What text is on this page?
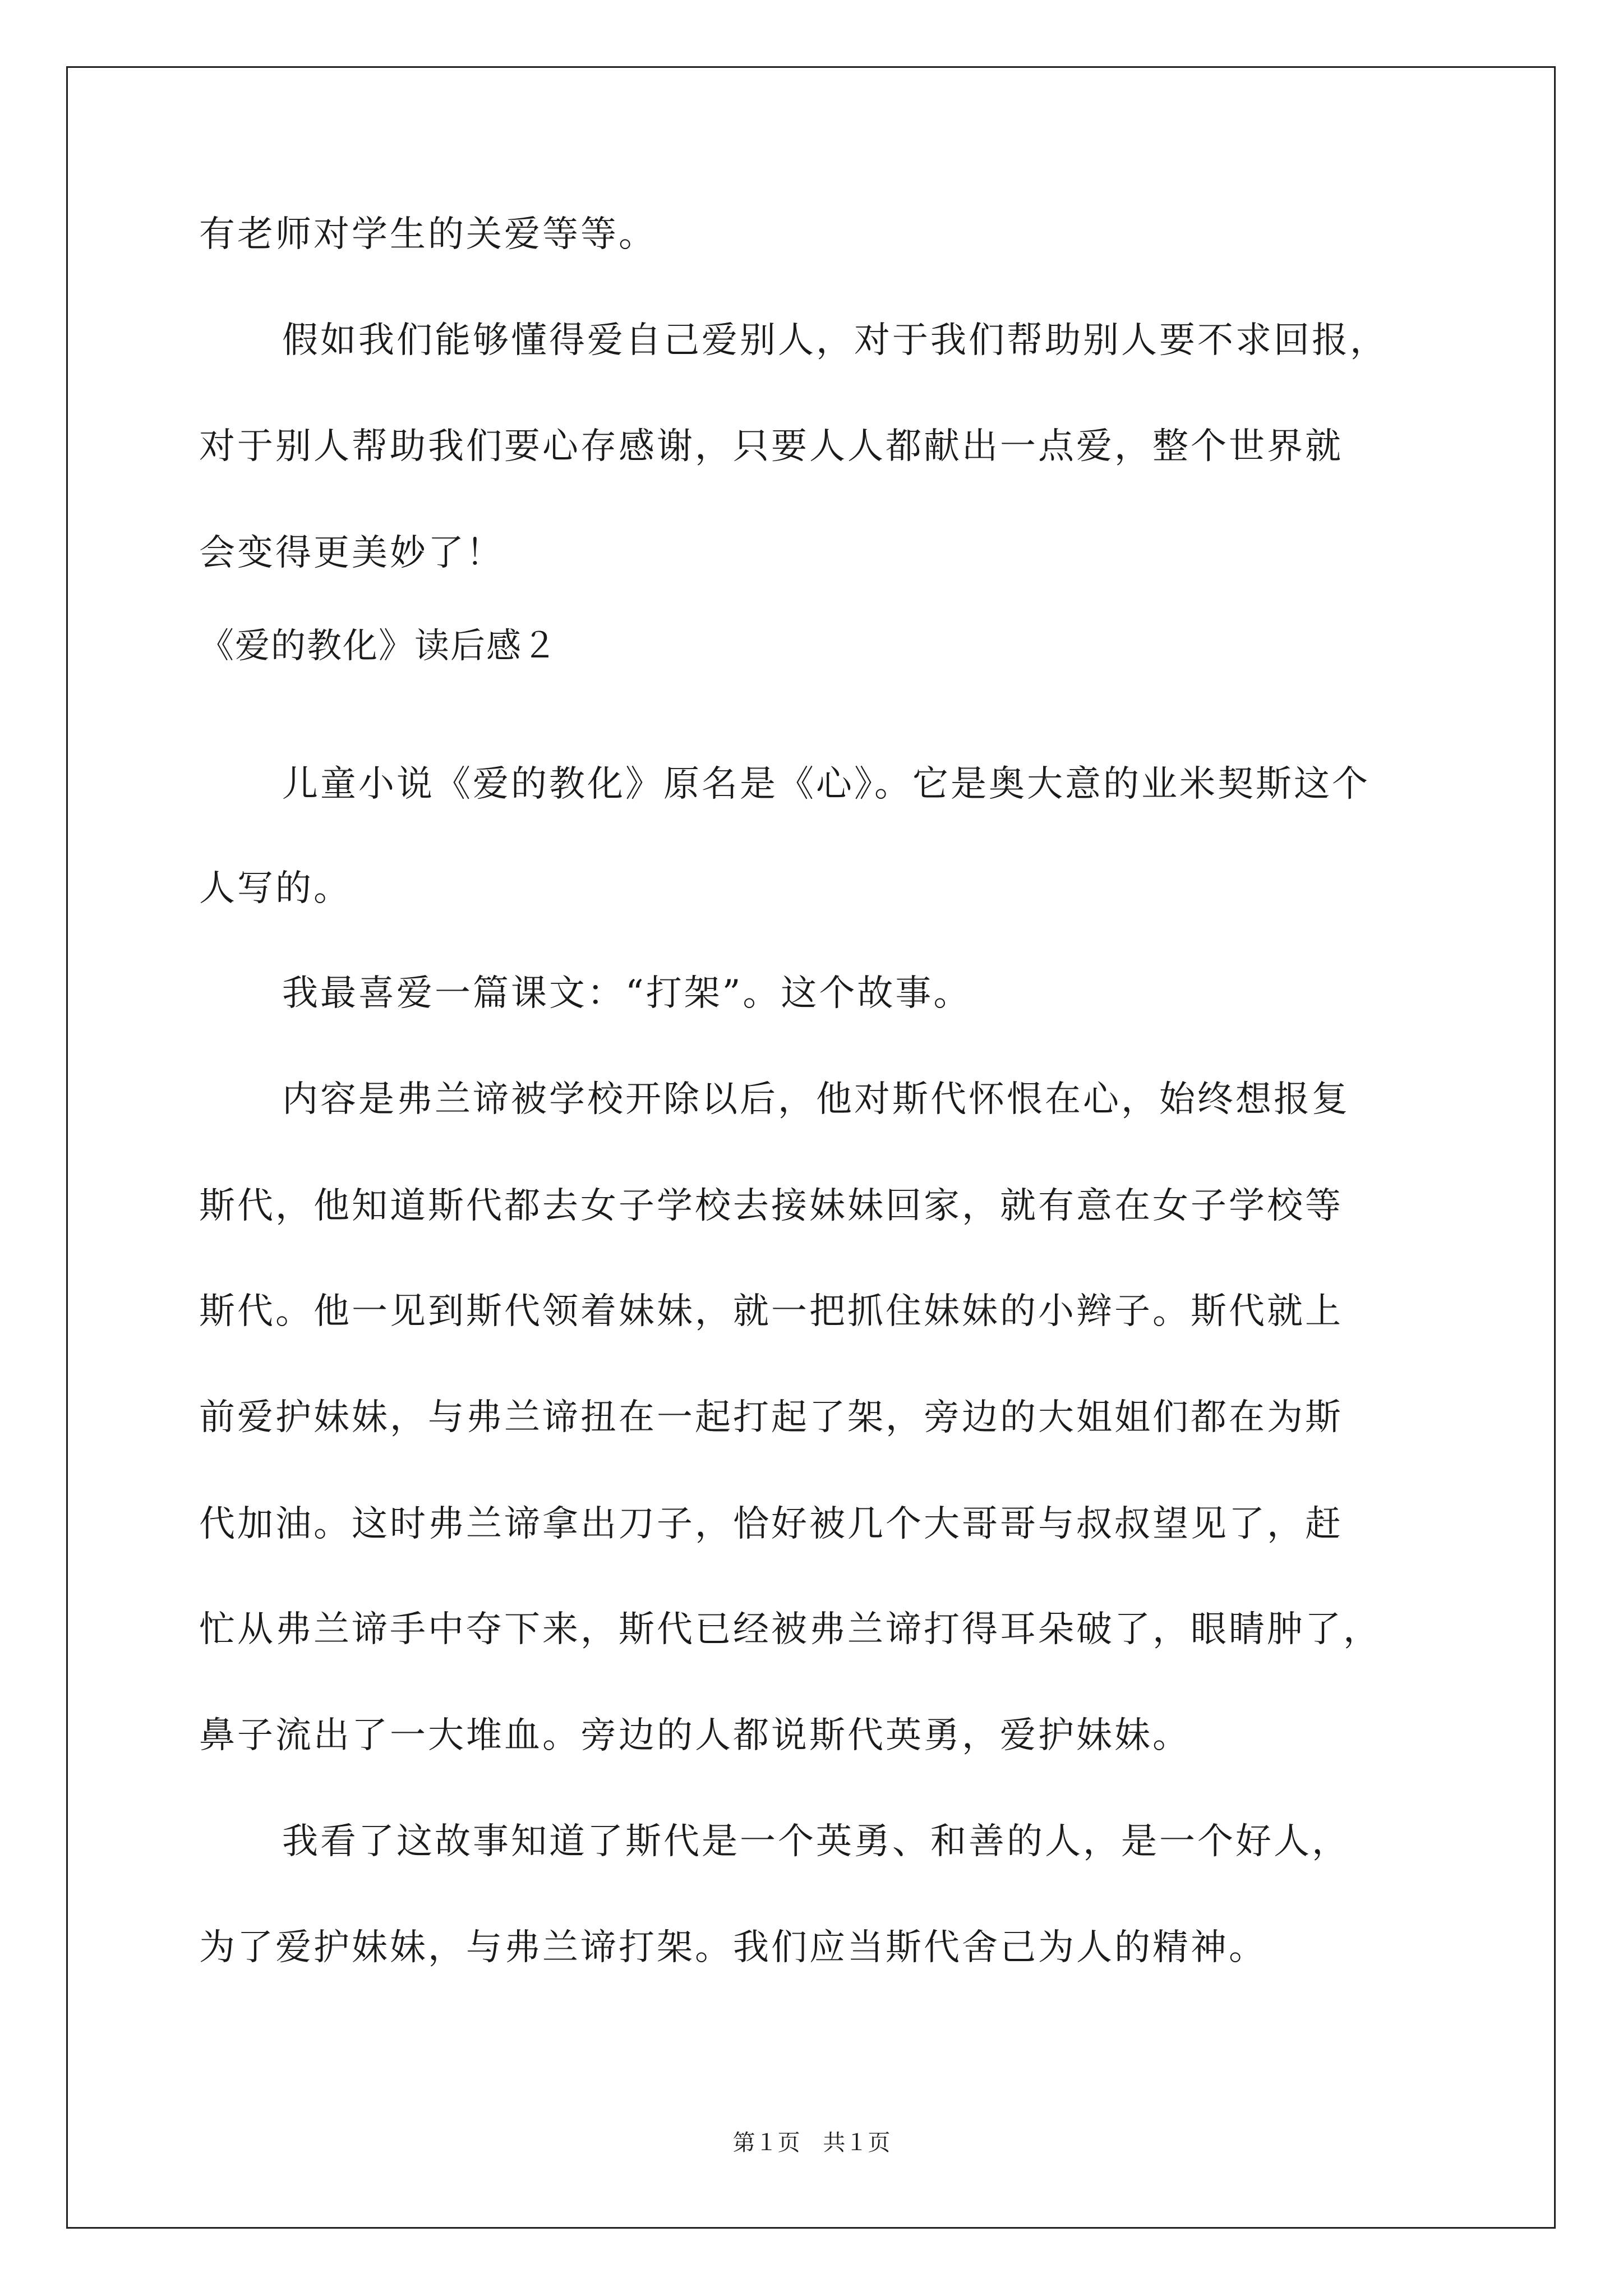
有老师对学生的关爱等等。
假如我们能够懂得爱自己爱别人，对于我们帮助别人要不求回报，
对于别人帮助我们要心存感谢，只要人人都献出一点爱，整个世界就
会变得更美妙了！
《爱的教化》读后感２
儿童小说《爱的教化》原名是《心》。它是奥大意的业米契斯这个
人写的。
我最喜爱一篇课文：“打架”。这个故事。
内容是弗兰谛被学校开除以后，他对斯代怀恨在心，始终想报复
斯代，他知道斯代都去女子学校去接妹妹回家，就有意在女子学校等
斯代。他一见到斯代领着妹妹，就一把抓住妹妹的小辫子。斯代就上
前爱护妹妹，与弗兰谛扭在一起打起了架，旁边的大姐姐们都在为斯
代加油。这时弗兰谛拿出刀子，恰好被几个大哥哥与叔叔望见了，赶
忙从弗兰谛手中夺下来，斯代已经被弗兰谛打得耳朵破了，眼睛肿了，
鼻子流出了一大堆血。旁边的人都说斯代英勇，爱护妹妹。
我看了这故事知道了斯代是一个英勇、和善的人，是一个好人，
为了爱护妹妹，与弗兰谛打架。我们应当斯代舍己为人的精神。
第１页 共１页
